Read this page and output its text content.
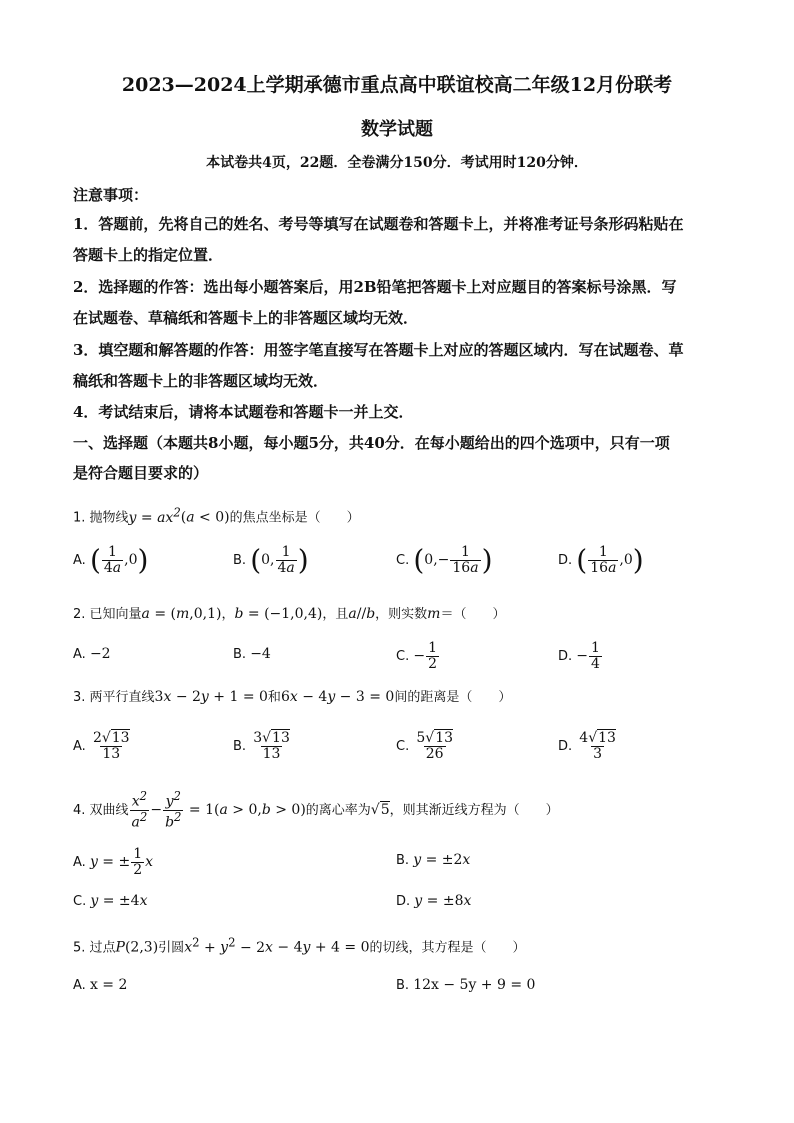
2023—2024上学期承德市重点高中联谊校高二年级12月份联考
数学试题
本试卷共4页，22题．全卷满分150分．考试用时120分钟．
注意事项：
1．答题前，先将自己的姓名、考号等填写在试题卷和答题卡上，并将准考证号条形码粘贴在
答题卡上的指定位置．
2．选择题的作答：选出每小题答案后，用2B铅笔把答题卡上对应题目的答案标号涂黑．写
在试题卷、草稿纸和答题卡上的非答题区域均无效．
3．填空题和解答题的作答：用签字笔直接写在答题卡上对应的答题区域内．写在试题卷、草
稿纸和答题卡上的非答题区域均无效．
4．考试结束后，请将本试题卷和答题卡一并上交．
一、选择题（本题共8小题，每小题5分，共40分．在每小题给出的四个选项中，只有一项
是符合题目要求的）
1. 抛物线$y = ax^2(a < 0)$的焦点坐标是（　　）
A. ( $\frac{1}{4a} ,0$)	B. (0, $\frac{1}{4a}$ )	C. ($0,- \frac{1}{16a}$ )	D. ( $\frac{1}{16a} ,0$)
2. 已知向量a = (m,0,1)，b = (−1,0,4)，且a//b，则实数m＝（　　）
A. −2	B. −4	C. − $\frac{1}{2}$	D. − $\frac{1}{4}$
3. 两平行直线3x − 2y + 1 = 0和6x − 4y − 3 = 0间的距离是（　　）
A. $\frac{2√13}{13}$	B. $\frac{3√13}{13}$	C. $\frac{5√13}{26}$	D. $\frac{4√13}{3}$
4. 双曲线 $\frac{x^2}{a^2} - \frac{y^2}{b^2} = 1(a > 0,b > 0)$的离心率为√5，则其渐近线方程为（　　）
A. y = ± $\frac{1}{2}$ x	B. y = ±2x
C. y = ±4x	D. y = ±8x
5. 过点P(2,3)引圆$x^2 + y^2 - 2x - 4y + 4 = 0$的切线，其方程是（　　）
A. x = 2	B. 12x − 5y + 9 = 0
